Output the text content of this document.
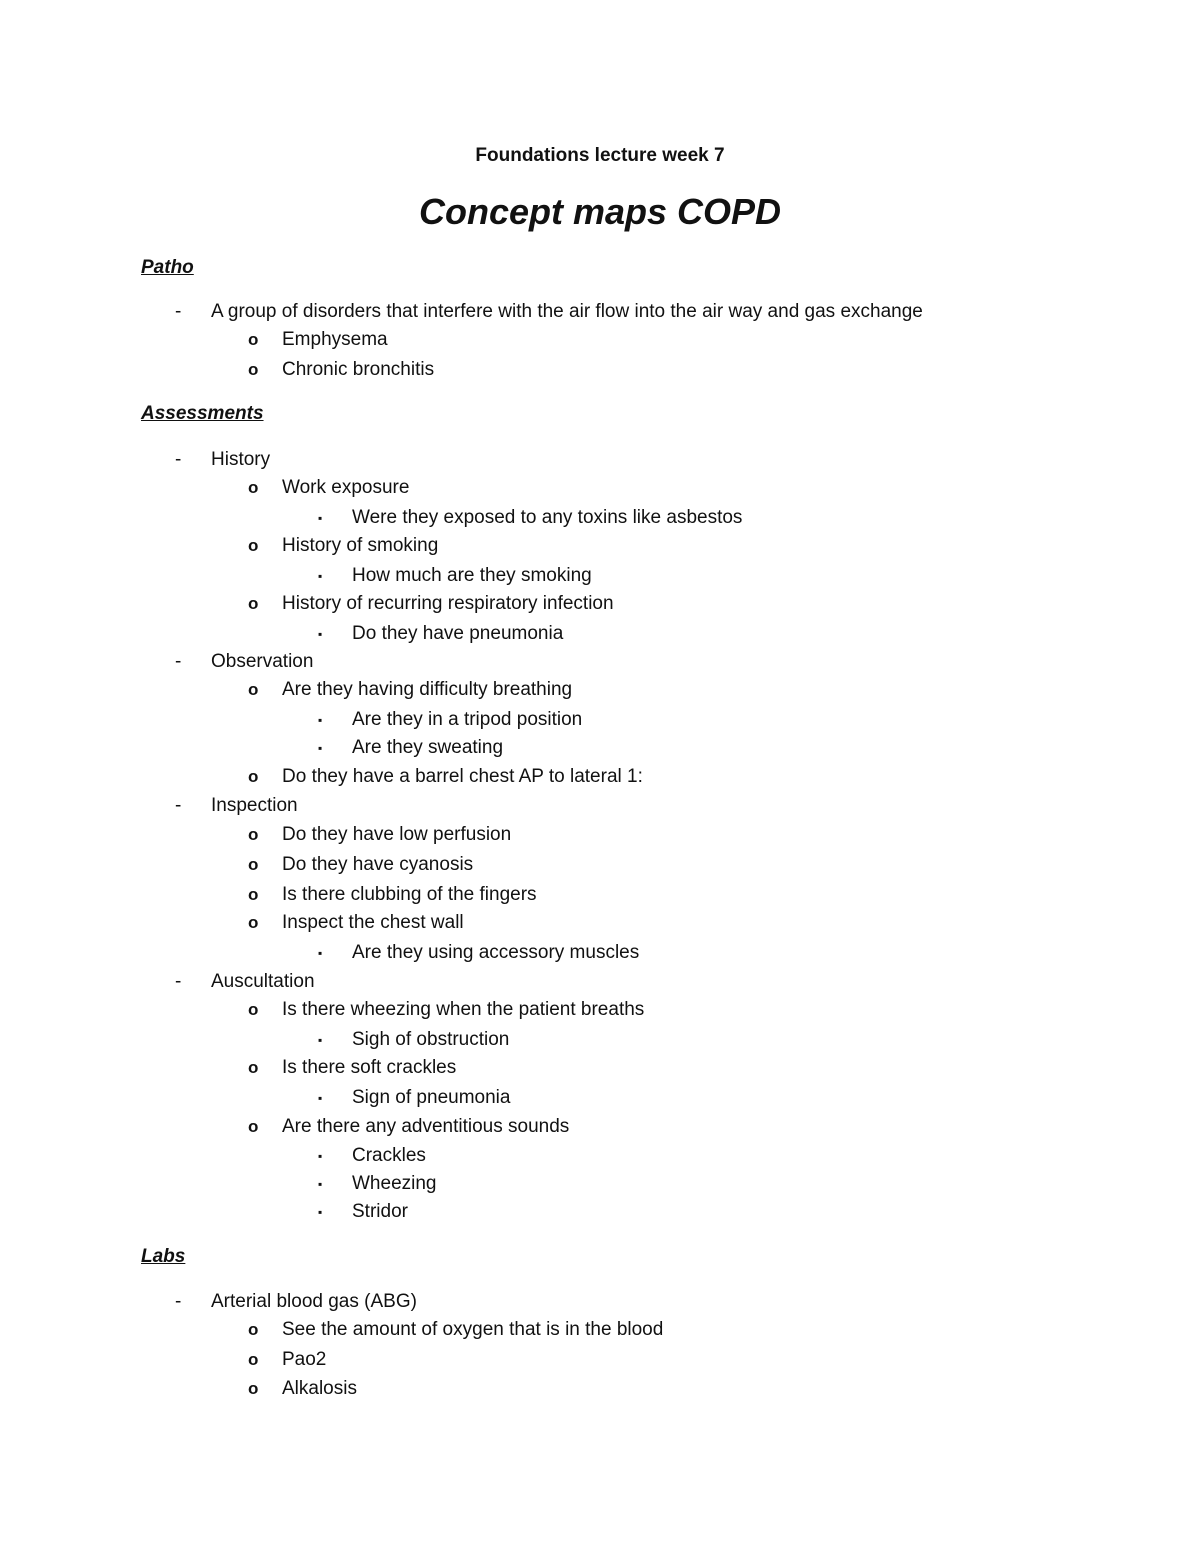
Foundations lecture week 7
Concept maps COPD
Patho
- A group of disorders that interfere with the air flow into the air way and gas exchange
o Emphysema
o Chronic bronchitis
Assessments
- History
o Work exposure
▪ Were they exposed to any toxins like asbestos
o History of smoking
▪ How much are they smoking
o History of recurring respiratory infection
▪ Do they have pneumonia
- Observation
o Are they having difficulty breathing
▪ Are they in a tripod position
▪ Are they sweating
o Do they have a barrel chest AP to lateral 1:
- Inspection
o Do they have low perfusion
o Do they have cyanosis
o Is there clubbing of the fingers
o Inspect the chest wall
▪ Are they using accessory muscles
- Auscultation
o Is there wheezing when the patient breaths
▪ Sigh of obstruction
o Is there soft crackles
▪ Sign of pneumonia
o Are there any adventitious sounds
▪ Crackles
▪ Wheezing
▪ Stridor
Labs
- Arterial blood gas (ABG)
o See the amount of oxygen that is in the blood
o Pao2
o Alkalosis
